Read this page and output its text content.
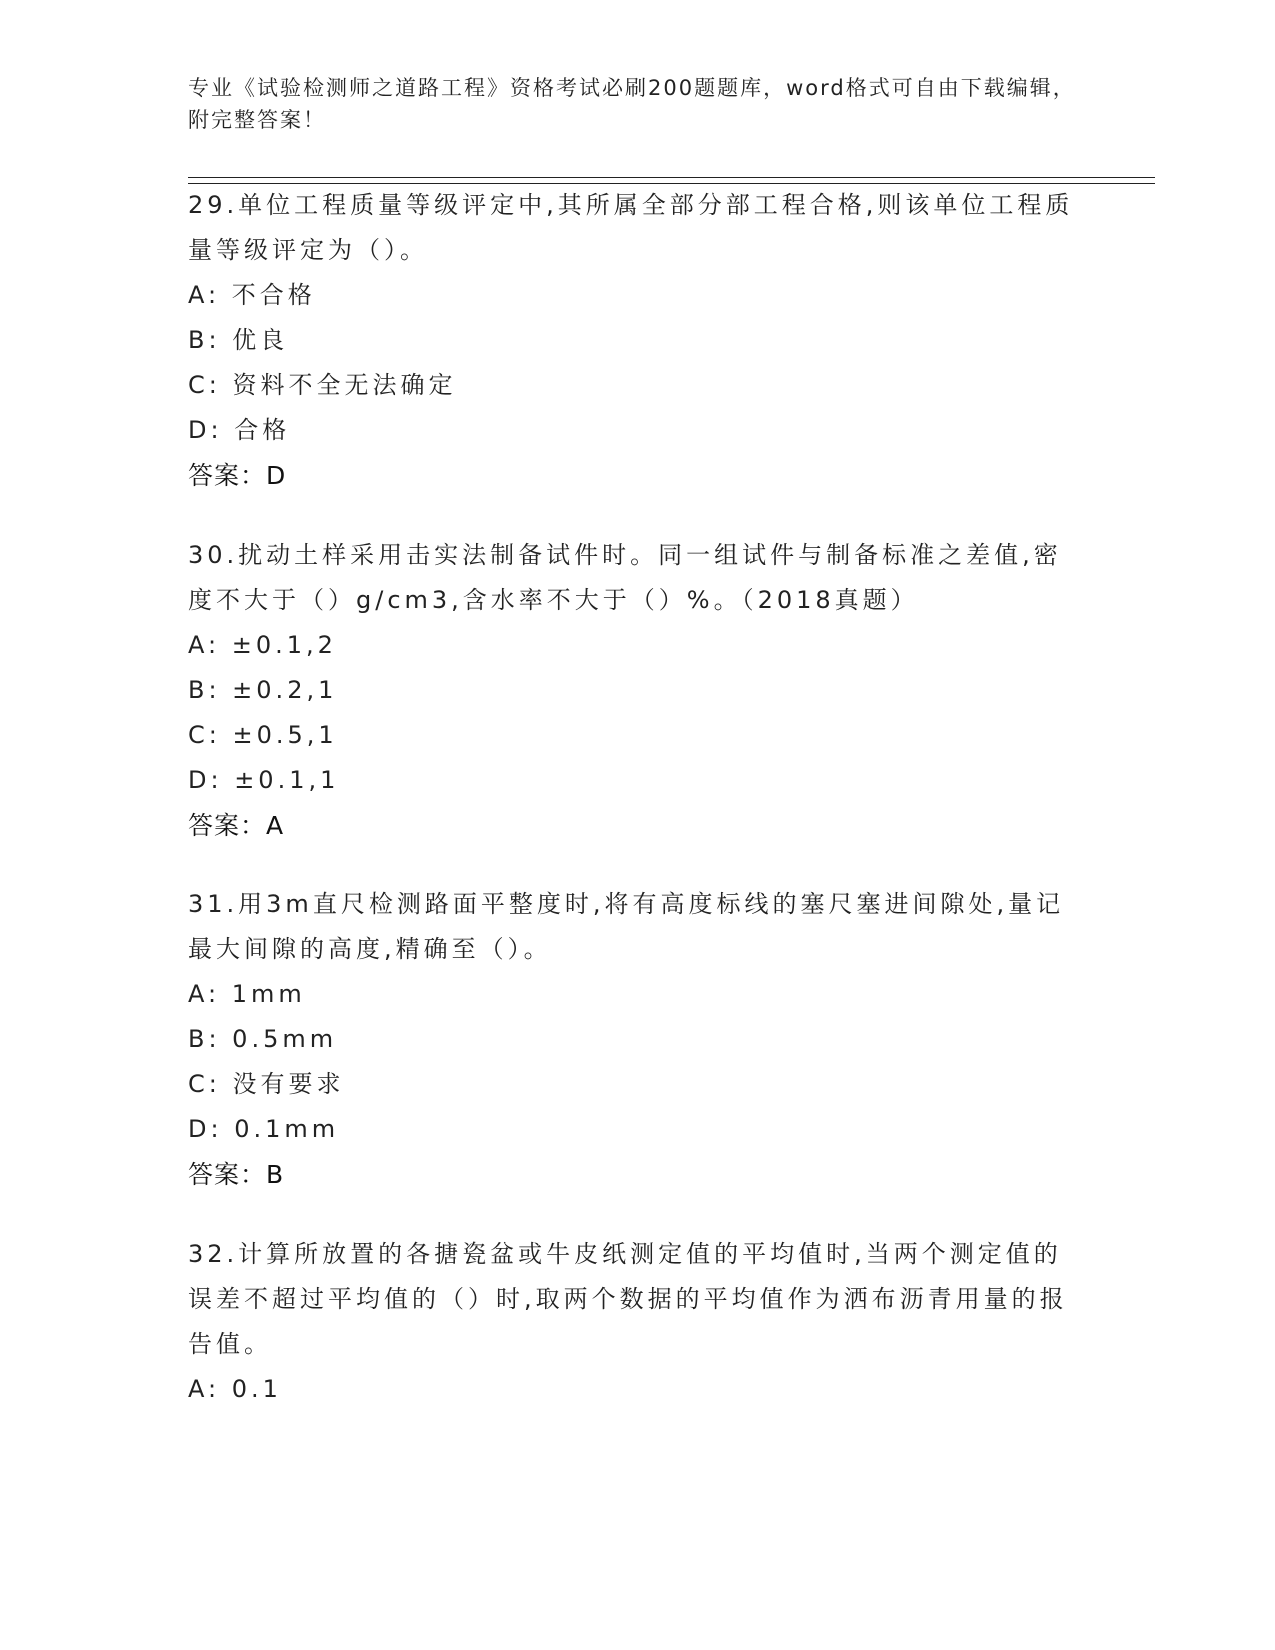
专业《试验检测师之道路工程》资格考试必刷200题题库，word格式可自由下载编辑，附完整答案！

29.单位工程质量等级评定中,其所属全部分部工程合格,则该单位工程质量等级评定为（）。

A: 不合格

B: 优良

C: 资料不全无法确定

D: 合格

答案：D

30.扰动土样采用击实法制备试件时。同一组试件与制备标准之差值,密度不大于（）g/cm3,含水率不大于（）%。（2018真题）

A: ±0.1,2

B: ±0.2,1

C: ±0.5,1

D: ±0.1,1

答案：A

31.用3m直尺检测路面平整度时,将有高度标线的塞尺塞进间隙处,量记最大间隙的高度,精确至（）。

A: 1mm

B: 0.5mm

C: 没有要求

D: 0.1mm

答案：B

32.计算所放置的各搪瓷盆或牛皮纸测定值的平均值时,当两个测定值的误差不超过平均值的（）时,取两个数据的平均值作为洒布沥青用量的报告值。

A: 0.1
